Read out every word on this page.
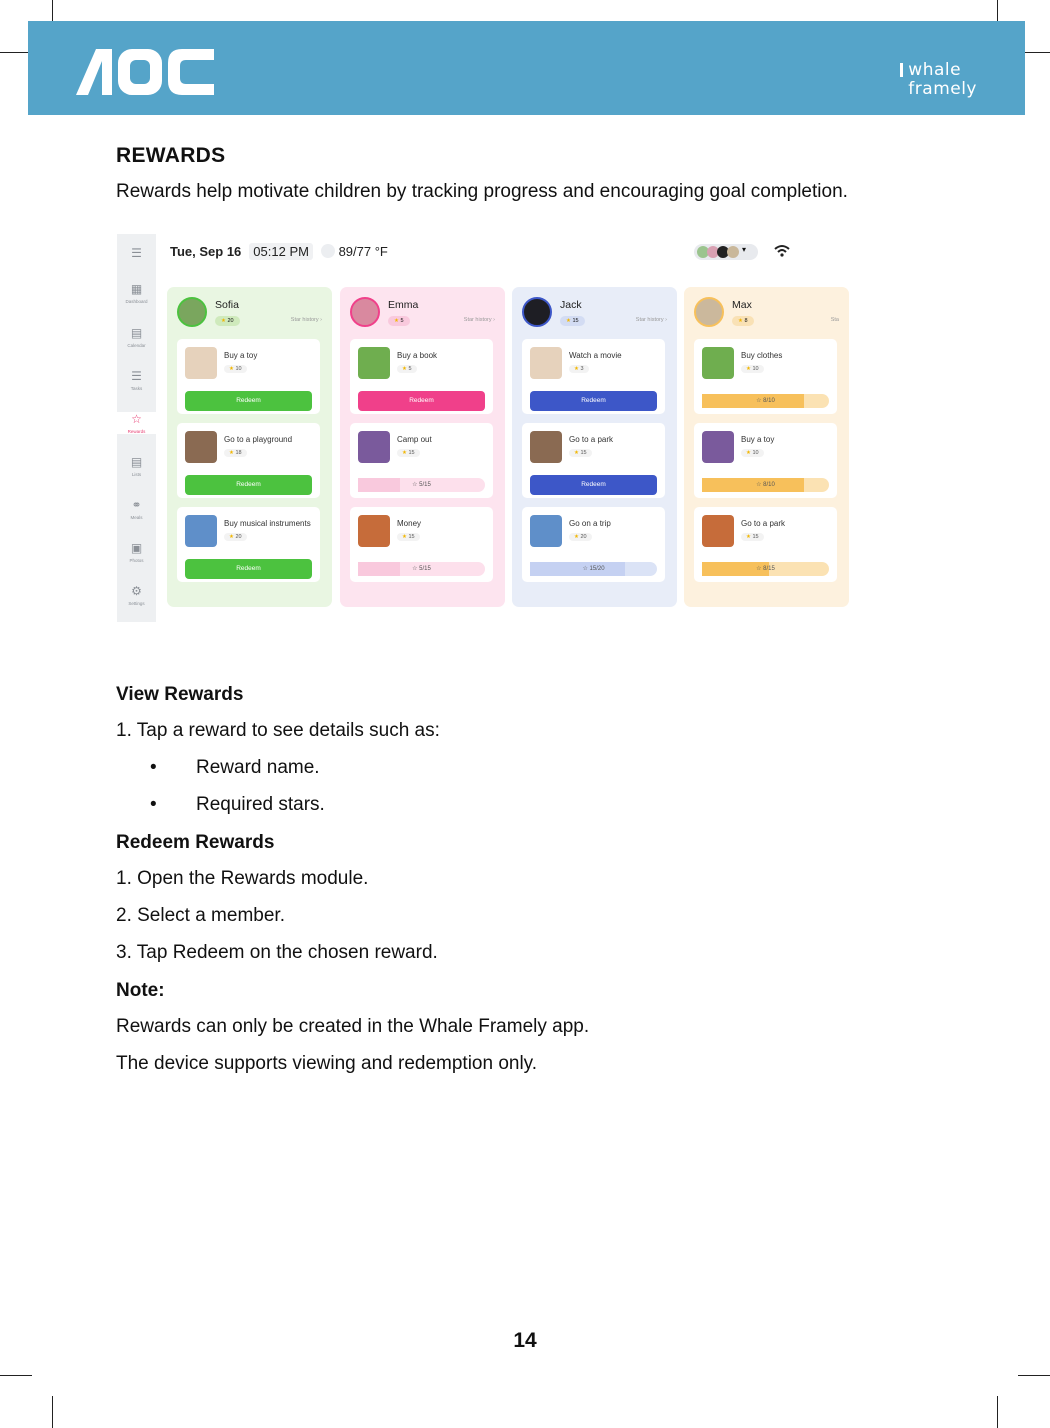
whale
framely
REWARDS
Rewards help motivate children by tracking progress and encouraging goal completion.
☰
▦
Dashboard
▤
Calendar
☰
Tasks
☆
Rewards
▤
Lists
⚭
Meals
▣
Photos
⚙
Settings
Tue, Sep 16 05:12 PM 89/77 °F	▾
Sofia
★ 20	Star history ›
Buy a toy
★ 10
Redeem
Go to a playground
★ 18
Redeem
Buy musical instruments
★ 20
Redeem
Emma
★ 5	Star history ›
Buy a book
★ 5
Redeem
Camp out
★ 15
☆ 5/15
Money
★ 15
☆ 5/15
Jack
★ 15	Star history ›
Watch a movie
★ 3
Redeem
Go to a park
★ 15
Redeem
Go on a trip
★ 20
☆ 15/20
Max
★ 8	Sta
Buy clothes
★ 10
☆ 8/10
Buy a toy
★ 10
☆ 8/10
Go to a park
★ 15
☆ 8/15
View Rewards
1. Tap a reward to see details such as:
• Reward name.
• Required stars.
Redeem Rewards
1. Open the Rewards module.
2. Select a member.
3. Tap Redeem on the chosen reward.
Note:
Rewards can only be created in the Whale Framely app.
The device supports viewing and redemption only.
14
